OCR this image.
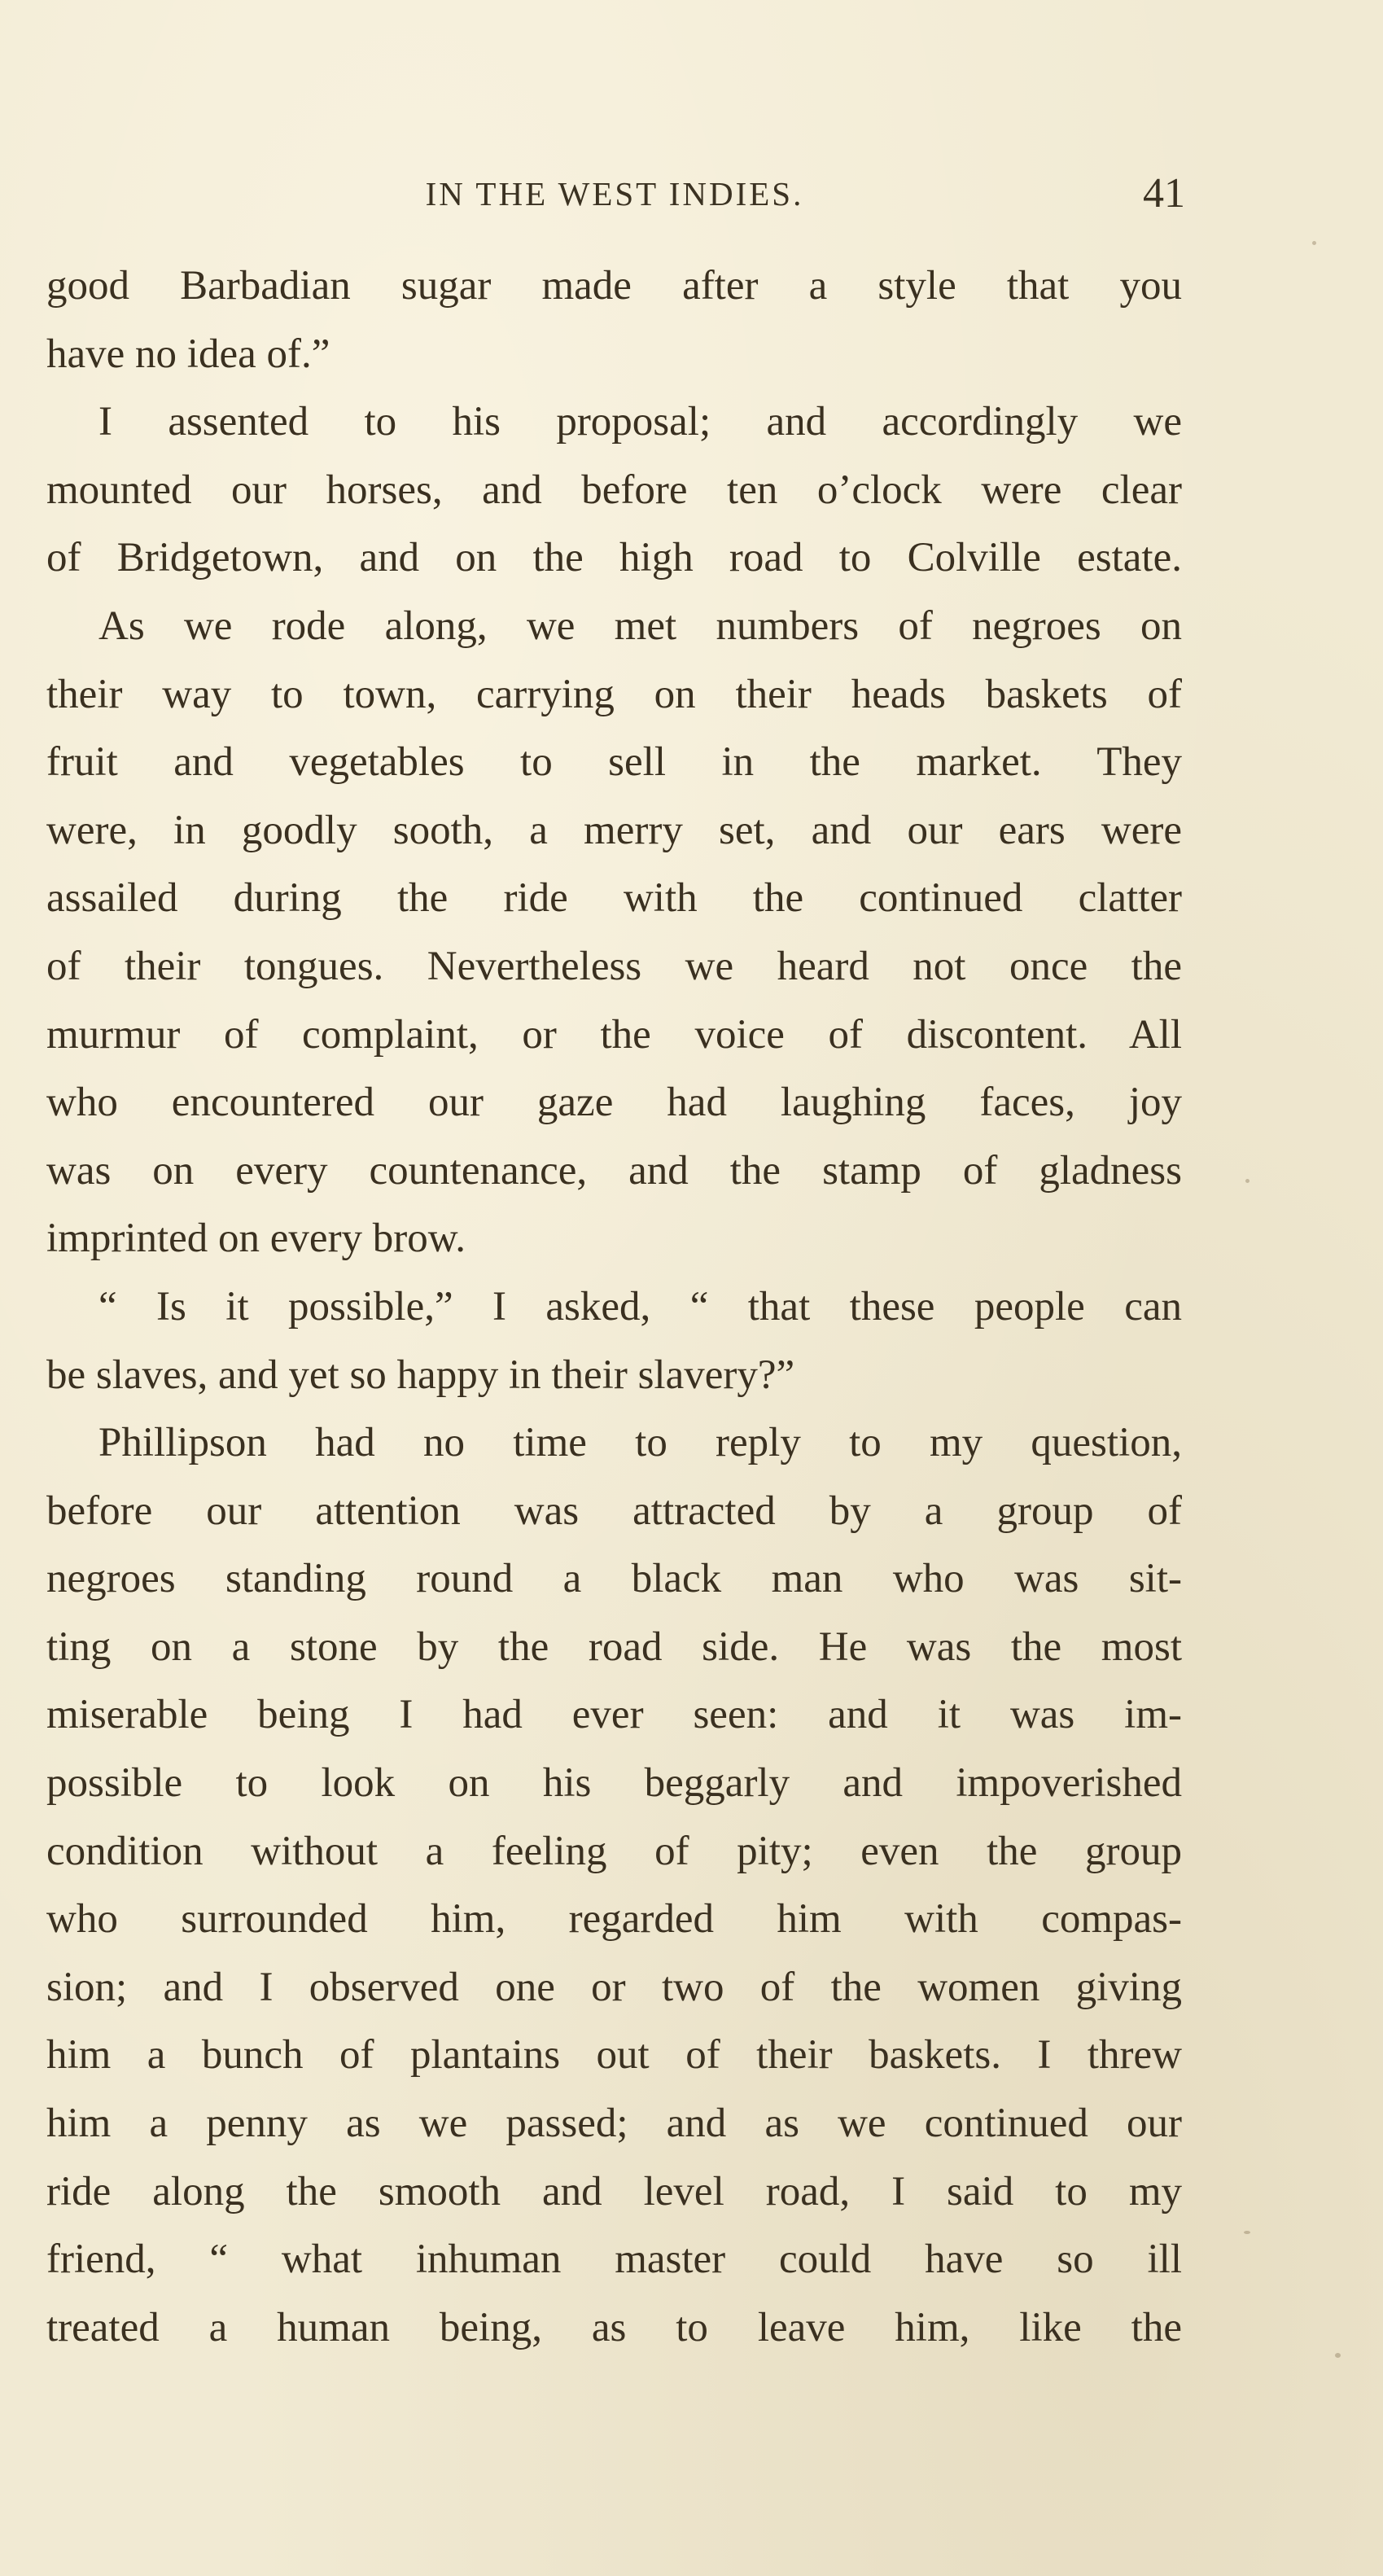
IN THE WEST INDIES.	41
good Barbadian sugar made after a style that you
have no idea of.”
I assented to his proposal; and accordingly we
mounted our horses, and before ten o’clock were clear
of Bridgetown, and on the high road to Colville estate.
As we rode along, we met numbers of negroes on
their way to town, carrying on their heads baskets of
fruit and vegetables to sell in the market. They
were, in goodly sooth, a merry set, and our ears were
assailed during the ride with the continued clatter
of their tongues. Nevertheless we heard not once the
murmur of complaint, or the voice of discontent. All
who encountered our gaze had laughing faces, joy
was on every countenance, and the stamp of gladness
imprinted on every brow.
“ Is it possible,” I asked, “ that these people can
be slaves, and yet so happy in their slavery?”
Phillipson had no time to reply to my question,
before our attention was attracted by a group of
negroes standing round a black man who was sit-
ting on a stone by the road side. He was the most
miserable being I had ever seen: and it was im-
possible to look on his beggarly and impoverished
condition without a feeling of pity; even the group
who surrounded him, regarded him with compas-
sion; and I observed one or two of the women giving
him a bunch of plantains out of their baskets. I threw
him a penny as we passed; and as we continued our
ride along the smooth and level road, I said to my
friend, “ what inhuman master could have so ill
treated a human being, as to leave him, like the
